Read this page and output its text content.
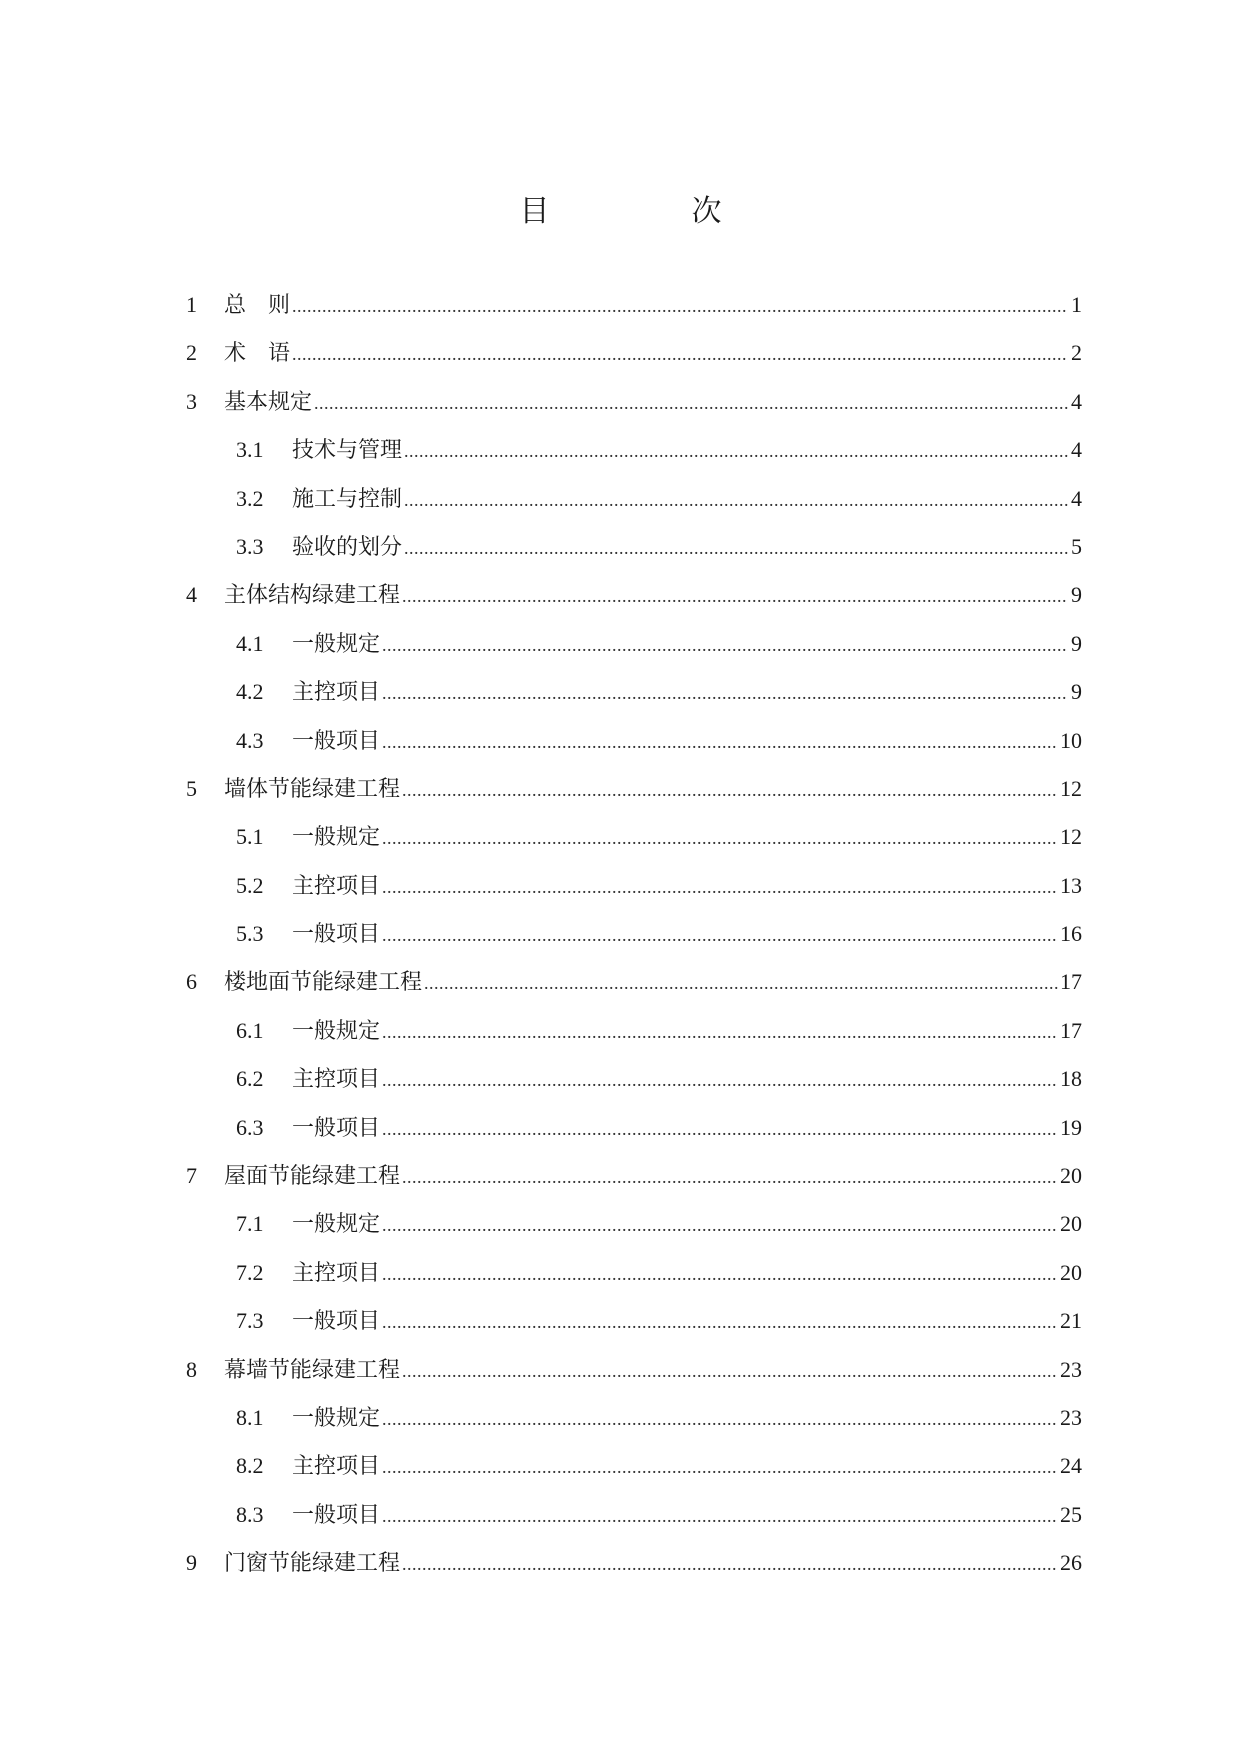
目　次
1	总　则 .....	1
2	术　语 .....	2
3	基本规定 .....	4
3.1	技术与管理 .....	4
3.2	施工与控制 .....	4
3.3	验收的划分 .....	5
4	主体结构绿建工程 .....	9
4.1	一般规定 .....	9
4.2	主控项目 .....	9
4.3	一般项目 .....	10
5	墙体节能绿建工程 .....	12
5.1	一般规定 .....	12
5.2	主控项目 .....	13
5.3	一般项目 .....	16
6	楼地面节能绿建工程 .....	17
6.1	一般规定 .....	17
6.2	主控项目 .....	18
6.3	一般项目 .....	19
7	屋面节能绿建工程 .....	20
7.1	一般规定 .....	20
7.2	主控项目 .....	20
7.3	一般项目 .....	21
8	幕墙节能绿建工程 .....	23
8.1	一般规定 .....	23
8.2	主控项目 .....	24
8.3	一般项目 .....	25
9	门窗节能绿建工程 .....	26
